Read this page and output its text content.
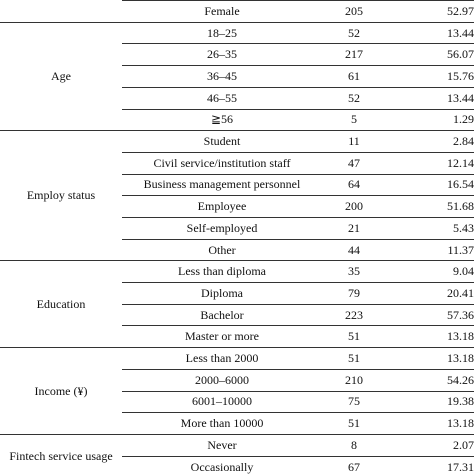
Female	205	52.97
18–25	52	13.44
26–35	217	56.07
36–45	61	15.76
46–55	52	13.44
≧56	5	1.29
Age
Student	11	2.84
Civil service/institution staff	47	12.14
Business management personnel	64	16.54
Employee	200	51.68
Self-employed	21	5.43
Other	44	11.37
Employ status
Less than diploma	35	9.04
Diploma	79	20.41
Bachelor	223	57.36
Master or more	51	13.18
Education
Less than 2000	51	13.18
2000–6000	210	54.26
6001–10000	75	19.38
More than 10000	51	13.18
Income (¥)
Never	8	2.07
Occasionally	67	17.31
Fintech service usage
